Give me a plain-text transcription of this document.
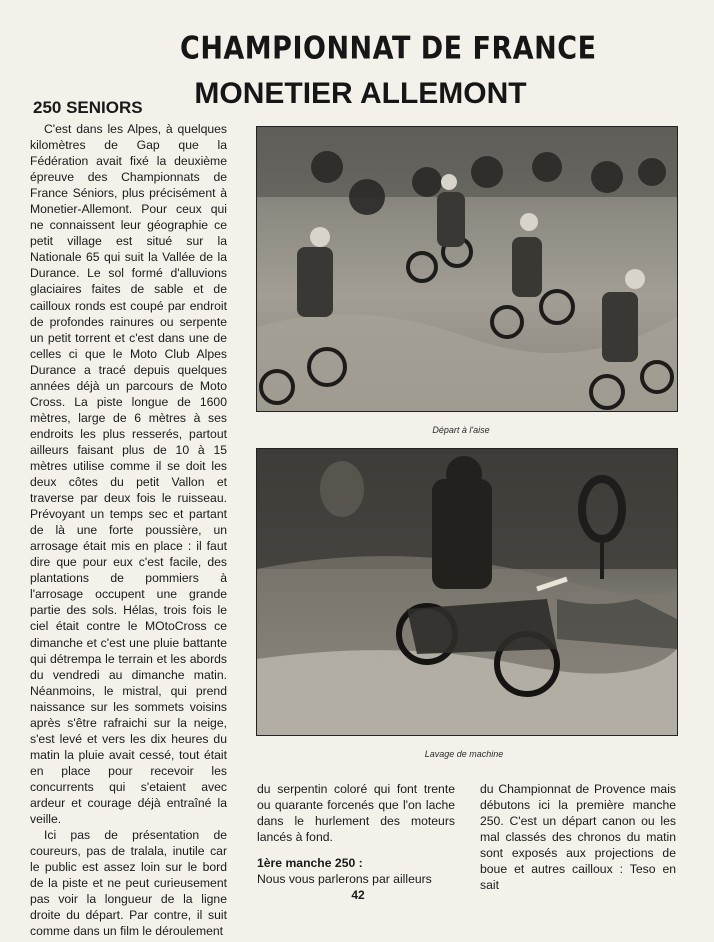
CHAMPIONNAT DE FRANCE
MONETIER ALLEMONT
250 SENIORS

C'est dans les Alpes, à quelques kilomètres de Gap que la Fédération avait fixé la deuxième épreuve des Championnats de France Séniors, plus précisément à Monetier-Allemont. Pour ceux qui ne connaissent leur géographie ce petit village est situé sur la Nationale 65 qui suit la Vallée de la Durance. Le sol formé d'alluvions glaciaires faites de sable et de cailloux ronds est coupé par endroit de profondes rainures ou serpente un petit torrent et c'est dans une de celles ci que le Moto Club Alpes Durance a tracé depuis quelques années déjà un parcours de Moto Cross. La piste longue de 1600 mètres, large de 6 mètres à ses endroits les plus resserés, partout ailleurs faisant plus de 10 à 15 mètres utilise comme il se doit les deux côtes du petit Vallon et traverse par deux fois le ruisseau. Prévoyant un temps sec et partant de là une forte poussière, un arrosage était mis en place : il faut dire que pour eux c'est facile, des plantations de pommiers à l'arrosage occupent une grande partie des sols. Hélas, trois fois le ciel était contre le MOtoCross ce dimanche et c'est une pluie battante qui détrempa le terrain et les abords du vendredi au dimanche matin. Néanmoins, le mistral, qui prend naissance sur les sommets voisins après s'être rafraichi sur la neige, s'est levé et vers les dix heures du matin la pluie avait cessé, tout était en place pour recevoir les concurrents qui s'etaient avec ardeur et courage déjà entraîné la veille.

Ici pas de présentation de coureurs, pas de tralala, inutile car le public est assez loin sur le bord de la piste et ne peut curieusement pas voir la longueur de la ligne droite du départ. Par contre, il suit comme dans un film le déroulement

Départ à l'aise
Lavage de machine

du serpentin coloré qui font trente ou quarante forcenés que l'on lache dans le hurlement des moteurs lancés à fond.

1ère manche 250 :

Nous vous parlerons par ailleurs

du Championnat de Provence mais débutons ici la première manche 250. C'est un départ canon ou les mal classés des chronos du matin sont exposés aux projections de boue et autres cailloux : Teso en sait

42
